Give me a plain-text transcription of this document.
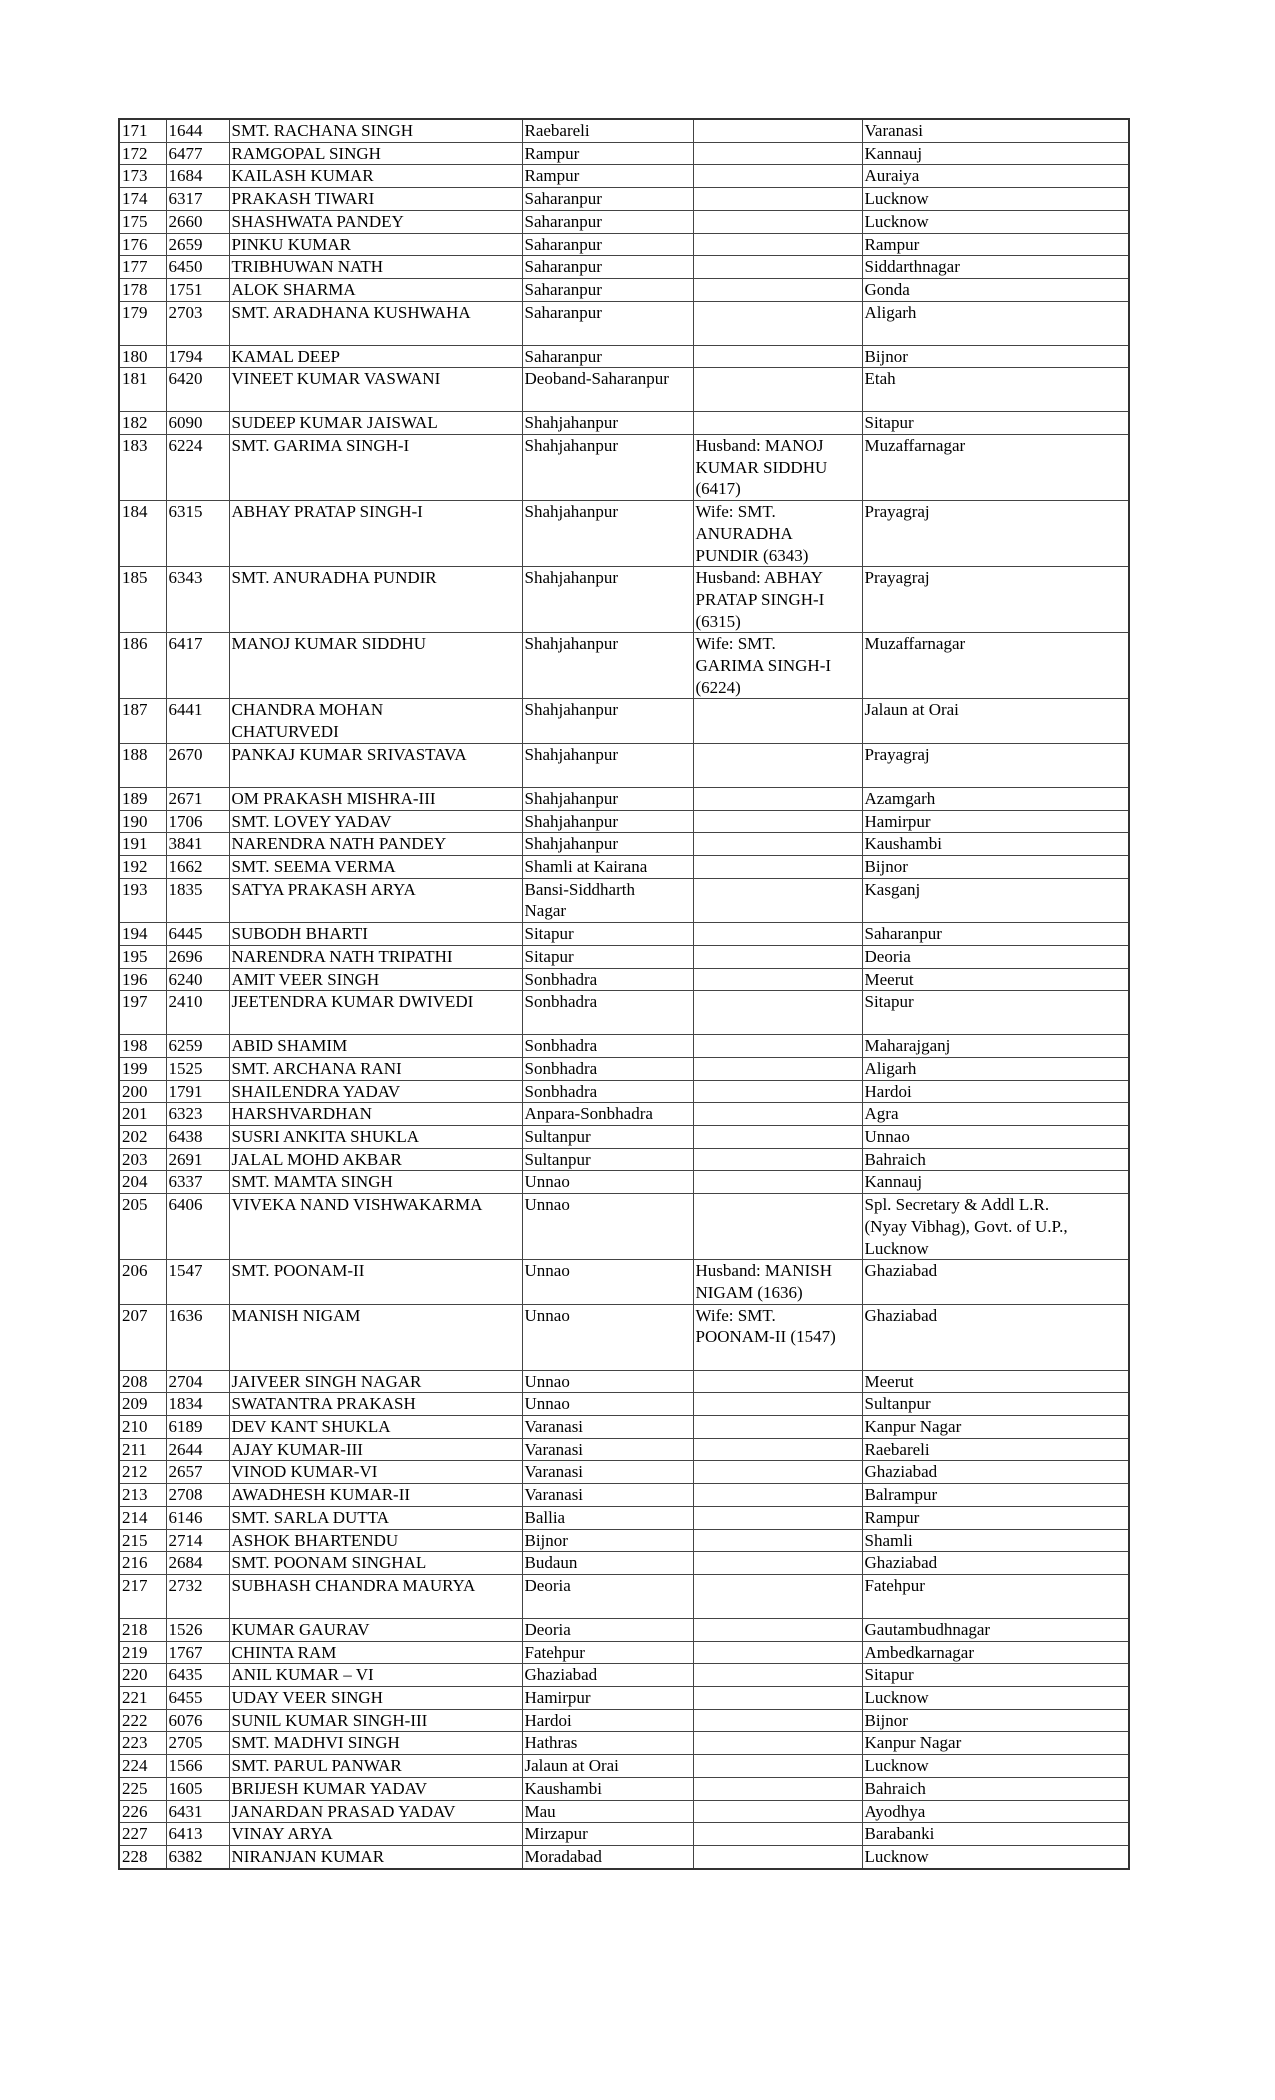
171	1644	SMT. RACHANA SINGH	Raebareli		Varanasi
172	6477	RAMGOPAL SINGH	Rampur		Kannauj
173	1684	KAILASH KUMAR	Rampur		Auraiya
174	6317	PRAKASH TIWARI	Saharanpur		Lucknow
175	2660	SHASHWATA PANDEY	Saharanpur		Lucknow
176	2659	PINKU KUMAR	Saharanpur		Rampur
177	6450	TRIBHUWAN NATH	Saharanpur		Siddarthnagar
178	1751	ALOK SHARMA	Saharanpur		Gonda
179	2703	SMT. ARADHANA KUSHWAHA	Saharanpur		Aligarh
180	1794	KAMAL DEEP	Saharanpur		Bijnor
181	6420	VINEET KUMAR VASWANI	Deoband-Saharanpur		Etah
182	6090	SUDEEP KUMAR JAISWAL	Shahjahanpur		Sitapur
183	6224	SMT. GARIMA SINGH-I	Shahjahanpur	Husband: MANOJ
KUMAR SIDDHU
(6417)	Muzaffarnagar
184	6315	ABHAY PRATAP SINGH-I	Shahjahanpur	Wife: SMT.
ANURADHA
PUNDIR (6343)	Prayagraj
185	6343	SMT. ANURADHA PUNDIR	Shahjahanpur	Husband: ABHAY
PRATAP SINGH-I
(6315)	Prayagraj
186	6417	MANOJ KUMAR SIDDHU	Shahjahanpur	Wife: SMT.
GARIMA SINGH-I
(6224)	Muzaffarnagar
187	6441	CHANDRA MOHAN
CHATURVEDI	Shahjahanpur		Jalaun at Orai
188	2670	PANKAJ KUMAR SRIVASTAVA	Shahjahanpur		Prayagraj
189	2671	OM PRAKASH MISHRA-III	Shahjahanpur		Azamgarh
190	1706	SMT. LOVEY YADAV	Shahjahanpur		Hamirpur
191	3841	NARENDRA NATH PANDEY	Shahjahanpur		Kaushambi
192	1662	SMT. SEEMA VERMA	Shamli at Kairana		Bijnor
193	1835	SATYA PRAKASH ARYA	Bansi-Siddharth
Nagar		Kasganj
194	6445	SUBODH BHARTI	Sitapur		Saharanpur
195	2696	NARENDRA NATH TRIPATHI	Sitapur		Deoria
196	6240	AMIT VEER SINGH	Sonbhadra		Meerut
197	2410	JEETENDRA KUMAR DWIVEDI	Sonbhadra		Sitapur
198	6259	ABID SHAMIM	Sonbhadra		Maharajganj
199	1525	SMT. ARCHANA RANI	Sonbhadra		Aligarh
200	1791	SHAILENDRA YADAV	Sonbhadra		Hardoi
201	6323	HARSHVARDHAN	Anpara-Sonbhadra		Agra
202	6438	SUSRI ANKITA SHUKLA	Sultanpur		Unnao
203	2691	JALAL MOHD AKBAR	Sultanpur		Bahraich
204	6337	SMT. MAMTA SINGH	Unnao		Kannauj
205	6406	VIVEKA NAND VISHWAKARMA	Unnao		Spl. Secretary & Addl L.R.
(Nyay Vibhag), Govt. of U.P.,
Lucknow
206	1547	SMT. POONAM-II	Unnao	Husband: MANISH
NIGAM (1636)	Ghaziabad
207	1636	MANISH NIGAM	Unnao	Wife: SMT.
POONAM-II (1547)	Ghaziabad
208	2704	JAIVEER SINGH NAGAR	Unnao		Meerut
209	1834	SWATANTRA PRAKASH	Unnao		Sultanpur
210	6189	DEV KANT SHUKLA	Varanasi		Kanpur Nagar
211	2644	AJAY KUMAR-III	Varanasi		Raebareli
212	2657	VINOD KUMAR-VI	Varanasi		Ghaziabad
213	2708	AWADHESH KUMAR-II	Varanasi		Balrampur
214	6146	SMT. SARLA DUTTA	Ballia		Rampur
215	2714	ASHOK BHARTENDU	Bijnor		Shamli
216	2684	SMT. POONAM SINGHAL	Budaun		Ghaziabad
217	2732	SUBHASH CHANDRA MAURYA	Deoria		Fatehpur
218	1526	KUMAR GAURAV	Deoria		Gautambudhnagar
219	1767	CHINTA RAM	Fatehpur		Ambedkarnagar
220	6435	ANIL KUMAR – VI	Ghaziabad		Sitapur
221	6455	UDAY VEER SINGH	Hamirpur		Lucknow
222	6076	SUNIL KUMAR SINGH-III	Hardoi		Bijnor
223	2705	SMT. MADHVI SINGH	Hathras		Kanpur Nagar
224	1566	SMT. PARUL PANWAR	Jalaun at Orai		Lucknow
225	1605	BRIJESH KUMAR YADAV	Kaushambi		Bahraich
226	6431	JANARDAN PRASAD YADAV	Mau		Ayodhya
227	6413	VINAY ARYA	Mirzapur		Barabanki
228	6382	NIRANJAN KUMAR	Moradabad		Lucknow
